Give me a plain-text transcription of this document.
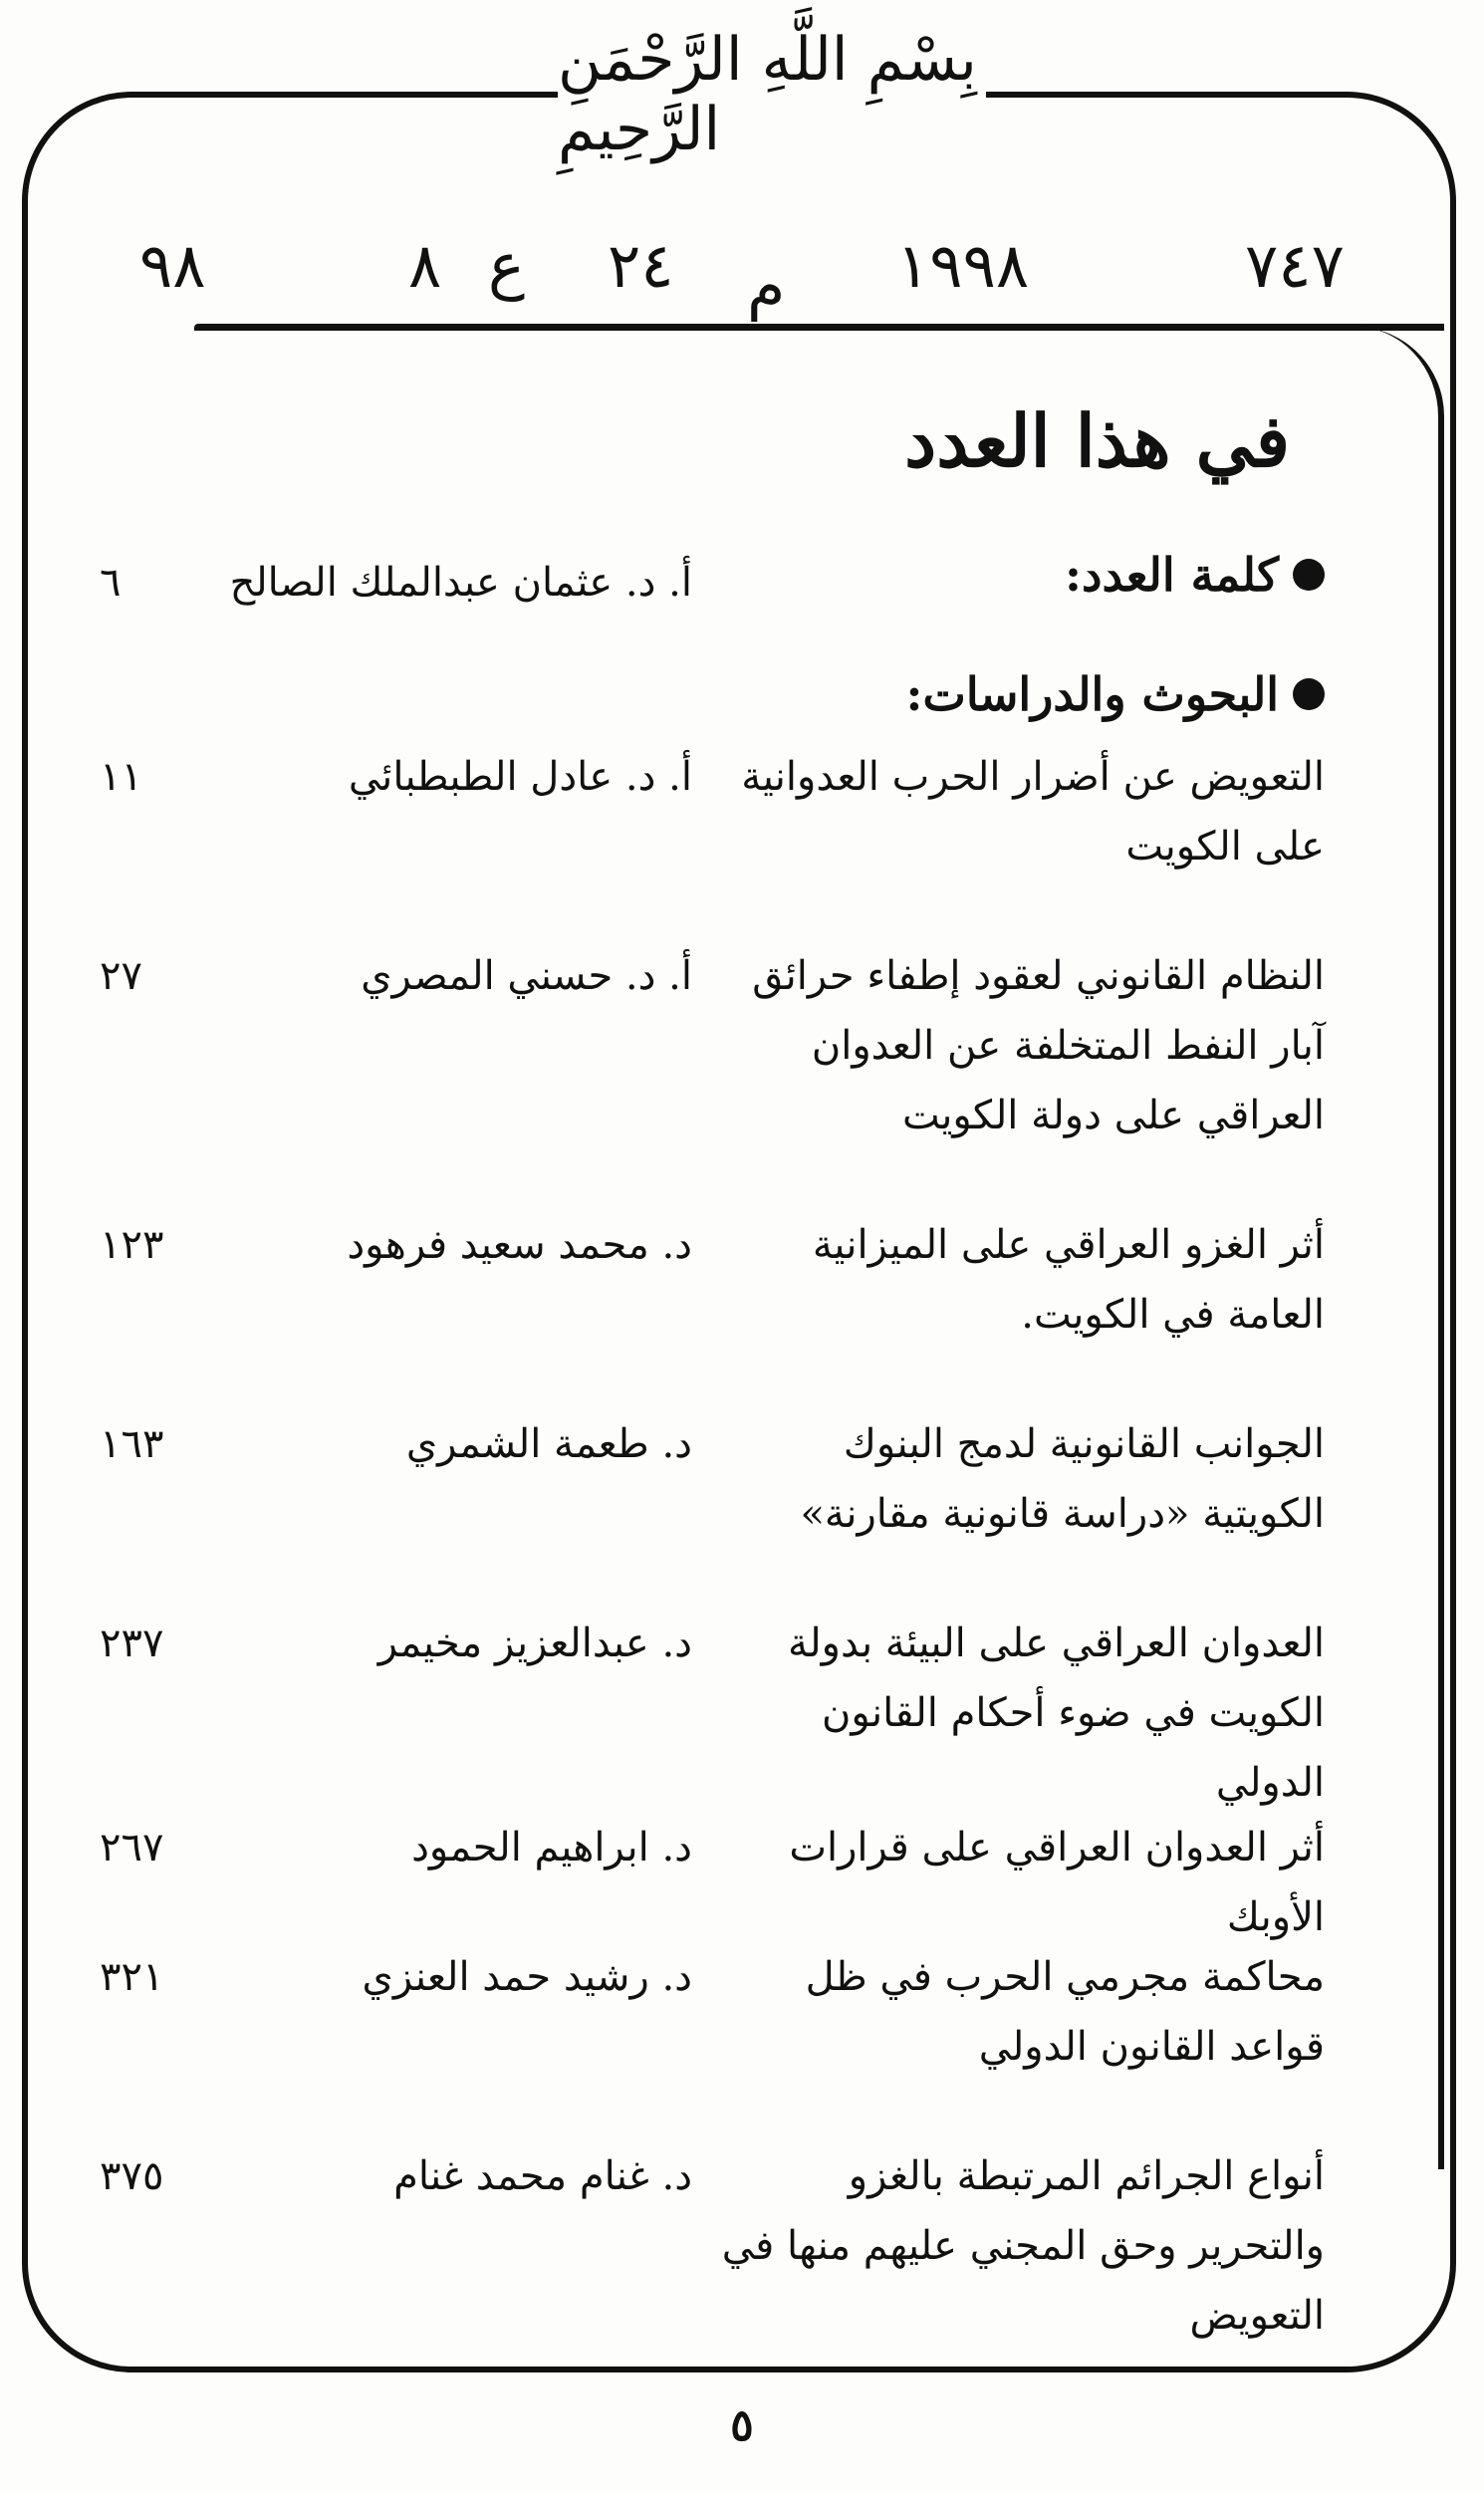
بِسْمِ اللَّهِ الرَّحْمَنِ الرَّحِيمِ
٧٤٧
١٩٩٨
م
٢٤
ع
٨
٩٨
في هذا العدد
كلمة العدد:
أ. د. عثمان عبدالملك الصالح
٦
البحوث والدراسات:
التعويض عن أضرار الحرب العدوانية على الكويت
أ. د. عادل الطبطبائي
١١
النظام القانوني لعقود إطفاء حرائق آبار النفط المتخلفة عن العدوان العراقي على دولة الكويت
أ. د. حسني المصري
٢٧
أثر الغزو العراقي على الميزانية العامة في الكويت.
د. محمد سعيد فرهود
١٢٣
الجوانب القانونية لدمج البنوك الكويتية «دراسة قانونية مقارنة»
د. طعمة الشمري
١٦٣
العدوان العراقي على البيئة بدولة الكويت في ضوء أحكام القانون الدولي
د. عبدالعزيز مخيمر
٢٣٧
أثر العدوان العراقي على قرارات الأوبك
د. ابراهيم الحمود
٢٦٧
محاكمة مجرمي الحرب في ظل قواعد القانون الدولي
د. رشيد حمد العنزي
٣٢١
أنواع الجرائم المرتبطة بالغزو والتحرير وحق المجني عليهم منها في التعويض
د. غنام محمد غنام
٣٧٥
٥
